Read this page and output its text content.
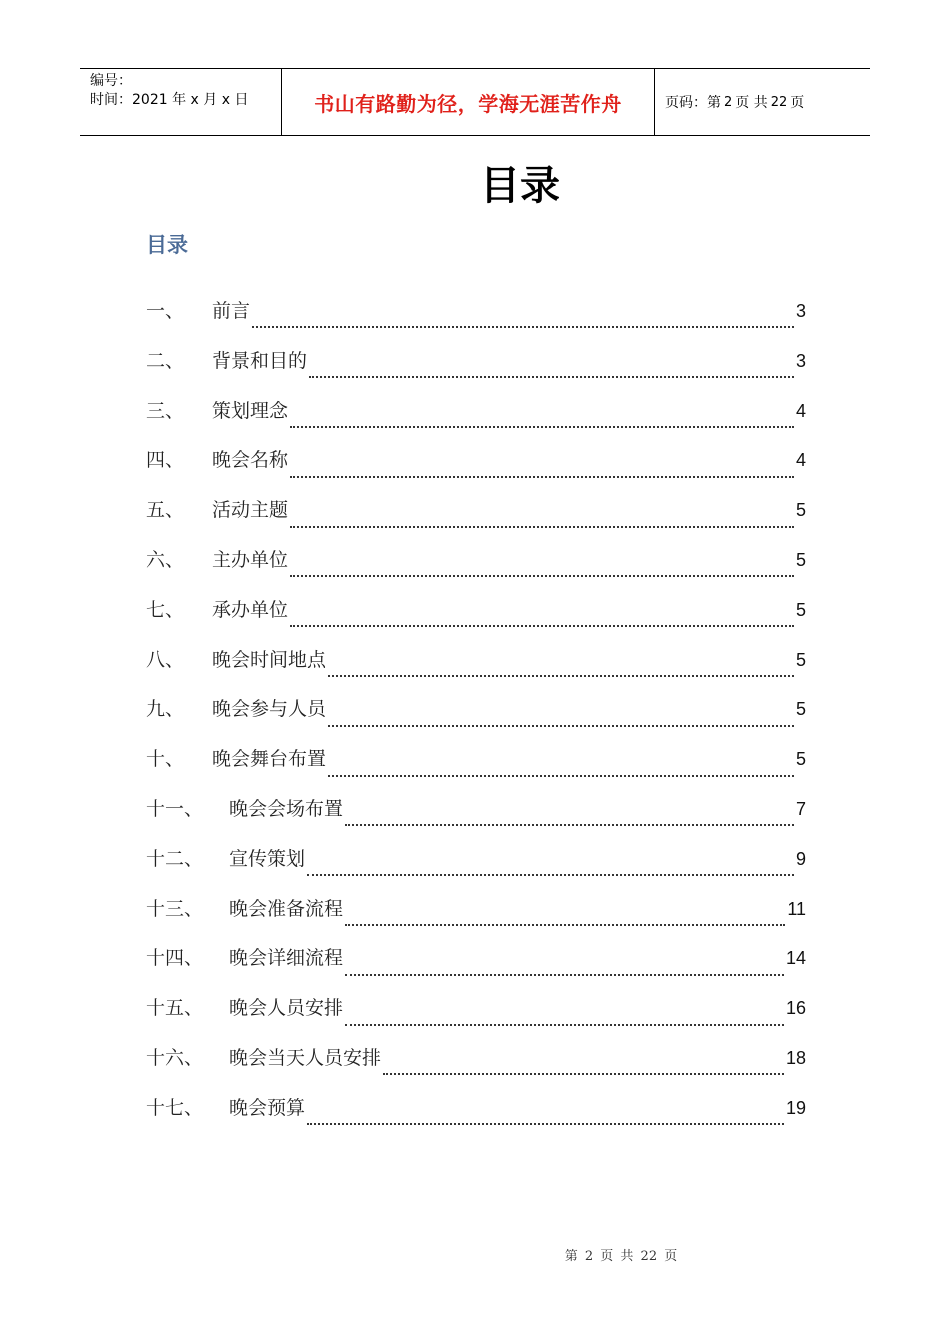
编号：
时间：2021 年 x 月 x 日	书山有路勤为径，学海无涯苦作舟	页码：第 2 页 共 22 页
目录
目录
一、	前言	3
二、	背景和目的	3
三、	策划理念	4
四、	晚会名称	4
五、	活动主题	5
六、	主办单位	5
七、	承办单位	5
八、	晚会时间地点	5
九、	晚会参与人员	5
十、	晚会舞台布置	5
十一、	晚会会场布置	7
十二、	宣传策划	9
十三、	晚会准备流程	11
十四、	晚会详细流程	14
十五、	晚会人员安排	16
十六、	晚会当天人员安排	18
十七、	晚会预算	19
第 2 页 共 22 页
